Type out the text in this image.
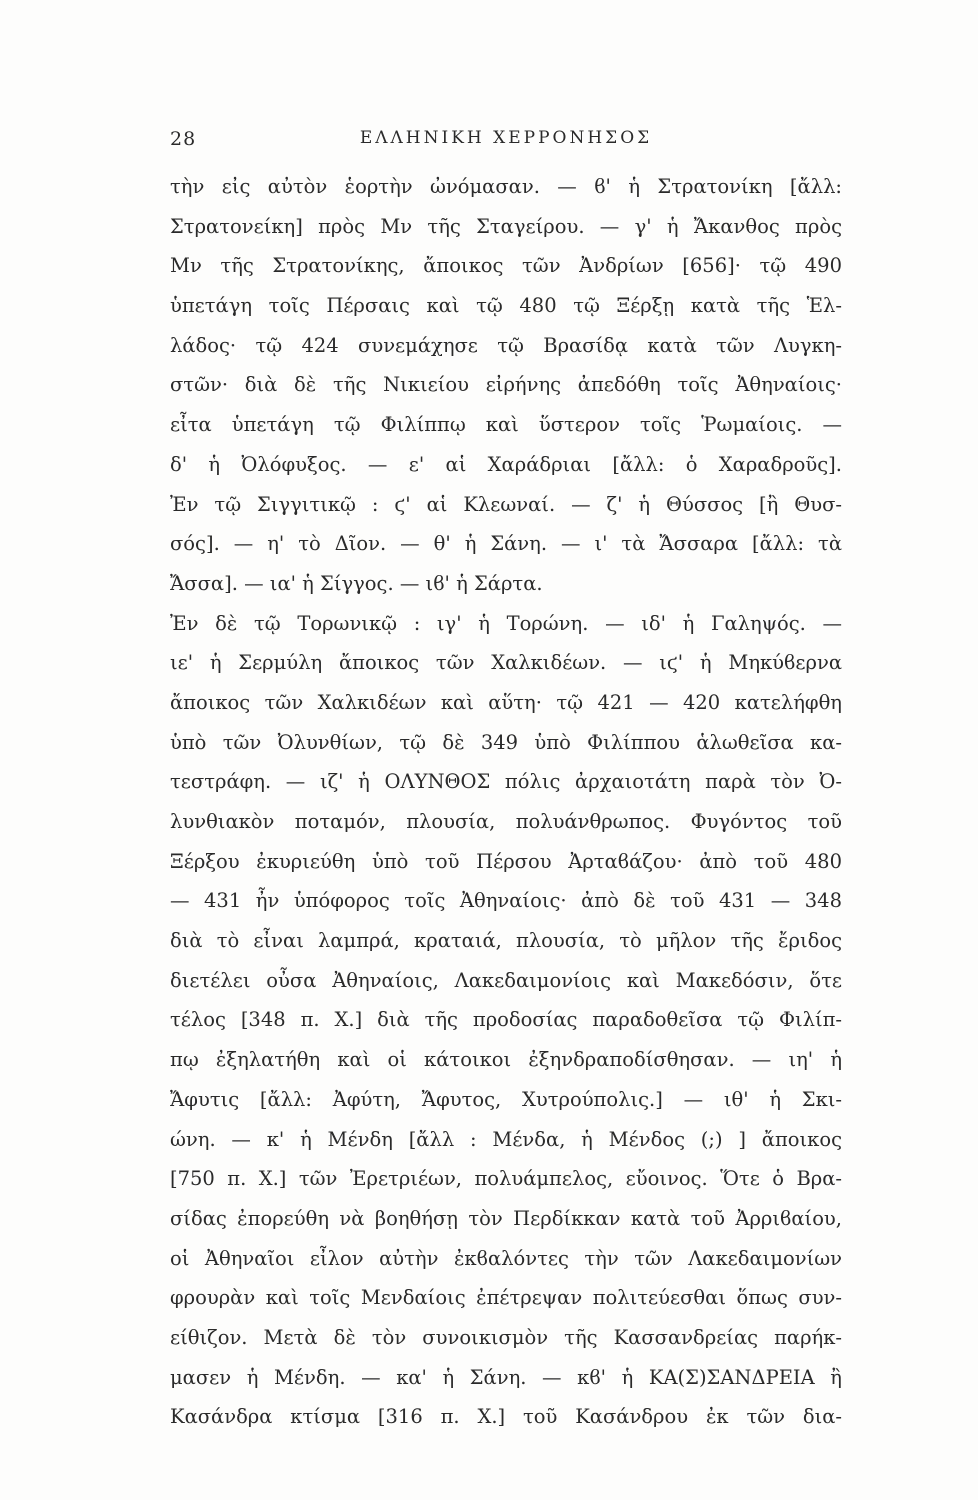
28	ΕΛΛΗΝΙΚΗ ΧΕΡΡΟΝΗΣΟΣ
τὴν εἰς αὐτὸν ἑορτὴν ὠνόμασαν. — ϐ' ἡ Στρατονίκη [ἄλλ:
Στρατονείκη] πρὸς Μν τῆς Σταγείρου. — γ' ἡ Ἄκανθος πρὸς
Μν τῆς Στρατονίκης, ἄποικος τῶν Ἀνδρίων [656]· τῷ 490
ὑπετάγη τοῖς Πέρσαις καὶ τῷ 480 τῷ Ξέρξῃ κατὰ τῆς Ἑλ-
λάδος· τῷ 424 συνεμάχησε τῷ Βρασίδᾳ κατὰ τῶν Λυγκη-
στῶν· διὰ δὲ τῆς Νικιείου εἰρήνης ἀπεδόθη τοῖς Ἀθηναίοις·
εἶτα ὑπετάγη τῷ Φιλίππῳ καὶ ὕστερον τοῖς Ῥωμαίοις. —
δ' ἡ Ὀλόφυξος. — ε' αἱ Χαράδριαι [ἄλλ: ὁ Χαραδροῦς].
Ἐν τῷ Σιγγιτικῷ : ϛ' αἱ Κλεωναί. — ζ' ἡ Θύσσος [ἢ Θυσ-
σός]. — η' τὸ Δῖον. — θ' ἡ Σάνη. — ι' τὰ Ἄσσαρα [ἄλλ: τὰ
Ἄσσα]. — ια' ἡ Σίγγος. — ιϐ' ἡ Σάρτα.
Ἐν δὲ τῷ Τορωνικῷ : ιγ' ἡ Τορώνη. — ιδ' ἡ Γαληψός. —
ιε' ἡ Σερμύλη ἄποικος τῶν Χαλκιδέων. — ιϛ' ἡ Μηκύϐερνα
ἄποικος τῶν Χαλκιδέων καὶ αὕτη· τῷ 421 — 420 κατελήφθη
ὑπὸ τῶν Ὀλυνθίων, τῷ δὲ 349 ὑπὸ Φιλίππου ἁλωθεῖσα κα-
τεστράφη. — ιζ' ἡ ΟΛΥΝΘΟΣ πόλις ἀρχαιοτάτη παρὰ τὸν Ὀ-
λυνθιακὸν ποταμόν, πλουσία, πολυάνθρωπος. Φυγόντος τοῦ
Ξέρξου ἐκυριεύθη ὑπὸ τοῦ Πέρσου Ἀρταϐάζου· ἀπὸ τοῦ 480
— 431 ἦν ὑπόφορος τοῖς Ἀθηναίοις· ἀπὸ δὲ τοῦ 431 — 348
διὰ τὸ εἶναι λαμπρά, κραταιά, πλουσία, τὸ μῆλον τῆς ἔριδος
διετέλει οὖσα Ἀθηναίοις, Λακεδαιμονίοις καὶ Μακεδόσιν, ὅτε
τέλος [348 π. Χ.] διὰ τῆς προδοσίας παραδοθεῖσα τῷ Φιλίπ-
πῳ ἐξηλατήθη καὶ οἱ κάτοικοι ἐξηνδραποδίσθησαν. — ιη' ἡ
Ἄφυτις [ἄλλ: Ἀφύτη, Ἄφυτος, Χυτρούπολις.] — ιθ' ἡ Σκι-
ώνη. — κ' ἡ Μένδη [ἄλλ : Μένδα, ἡ Μένδος (;) ] ἄποικος
[750 π. Χ.] τῶν Ἐρετριέων, πολυάμπελος, εὔοινος. Ὅτε ὁ Βρα-
σίδας ἐπορεύθη νὰ βοηθήσῃ τὸν Περδίκκαν κατὰ τοῦ Ἀρριϐαίου,
οἱ Ἀθηναῖοι εἶλον αὐτὴν ἐκϐαλόντες τὴν τῶν Λακεδαιμονίων
φρουρὰν καὶ τοῖς Μενδαίοις ἐπέτρεψαν πολιτεύεσθαι ὅπως συν-
είθιζον. Μετὰ δὲ τὸν συνοικισμὸν τῆς Κασσανδρείας παρήκ-
μασεν ἡ Μένδη. — κα' ἡ Σάνη. — κϐ' ἡ ΚΑ(Σ)ΣΑΝΔΡΕΙΑ ἢ
Κασάνδρα κτίσμα [316 π. Χ.] τοῦ Κασάνδρου ἐκ τῶν δια-
